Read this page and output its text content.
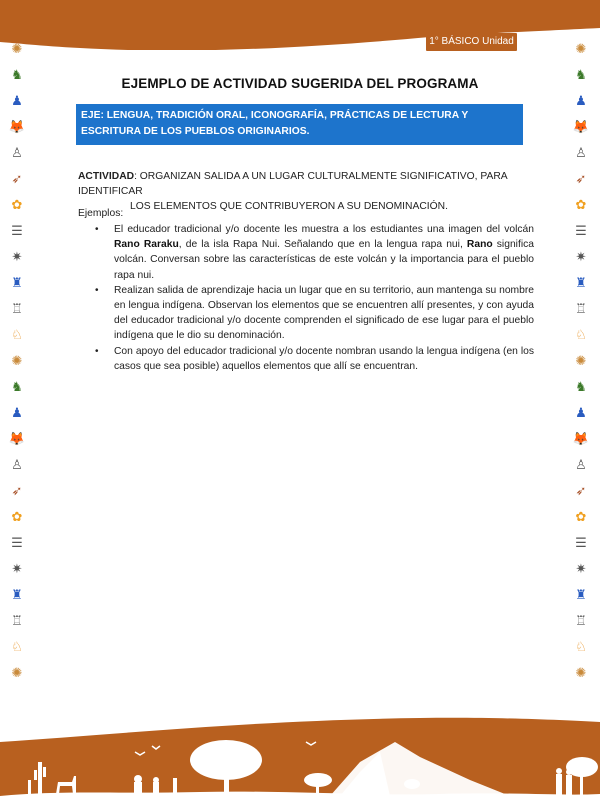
1° BÁSICO Unidad 3
✺
♞
♟
🦊
♙
➶
✿
☰
✷
♜
♖
♘
✺
♞
♟
🦊
♙
➶
✿
☰
✷
♜
♖
♘
✺
✺
♞
♟
🦊
♙
➶
✿
☰
✷
♜
♖
♘
✺
♞
♟
🦊
♙
➶
✿
☰
✷
♜
♖
♘
✺
EJEMPLO DE ACTIVIDAD SUGERIDA DEL PROGRAMA
EJE: LENGUA, TRADICIÓN ORAL, ICONOGRAFÍA, PRÁCTICAS DE LECTURA Y ESCRITURA DE LOS PUEBLOS ORIGINARIOS.
ACTIVIDAD: ORGANIZAN SALIDA A UN LUGAR CULTURALMENTE SIGNIFICATIVO, PARA IDENTIFICAR
LOS ELEMENTOS QUE CONTRIBUYERON A SU DENOMINACIÓN.
Ejemplos:
• El educador tradicional y/o docente les muestra a los estudiantes una imagen del volcán Rano Raraku, de la isla Rapa Nui. Señalando que en la lengua rapa nui, Rano significa volcán. Conversan sobre las características de este volcán y la importancia para el pueblo rapa nui.
• Realizan salida de aprendizaje hacia un lugar que en su territorio, aun mantenga su nombre en lengua indígena. Observan los elementos que se encuentren allí presentes, y con ayuda del educador tradicional y/o docente comprenden el significado de ese lugar para el pueblo indígena que le dio su denominación.
• Con apoyo del educador tradicional y/o docente nombran usando la lengua indígena (en los casos que sea posible) aquellos elementos que allí se encuentran.
